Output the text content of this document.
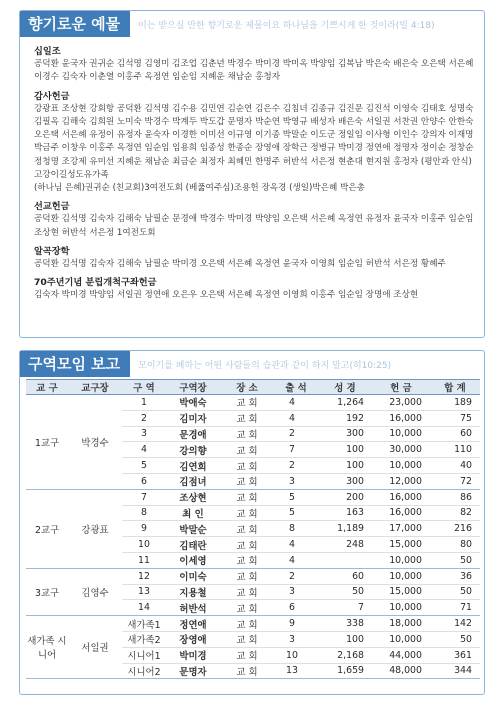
향기로운 예물	이는 받으실 만한 향기로운 제물이요 하나님을 기쁘시게 한 것이라(빌 4:18)
십일조
공덕환 윤국자 권귀순 김석명 김영미 김조업 김춘년 박경수 박미경 박미옥 박양임 김복남 박은숙 배은숙 오은택 서은혜 이경수 김숙자 이춘열 이홍주 옥정연 임순임 지혜운 채남순 홍청자
감사헌금
강광표 조상현 강회항 공덕환 김석명 김수용 김민연 김순연 김은수 김침녀 김종규 김진문 김진석 이영숙 김태호 성명숙 김필옥 김해숙 김희원 노미숙 박경수 박계두 박도갑 문명자 박순연 박영규 배성자 배은숙 서일권 서찬권 안양수 안한숙 오은택 서은혜 유정이 유정자 윤숙자 이경한 이미선 이규영 이기종 박말순 이도군 정일임 이사형 이인수 강의자 이재명 박금주 이창우 이홍주 옥정연 임순임 임용희 임종성 한종순 장영애 장학근 정병규 박미경 정연애 정명자 정이순 정창순 정청명 조강제 유미선 지혜운 채남순 최금순 최정자 최혜민 한명주 허반석 서은정 현춘대 현지원 홍정자 (평안과 안식)고강이길성도유가족
(하나님 은혜)권귀순 (친교회)3여전도회 (베풂여주심)조용헌 장옥경 (생일)박은혜 박은총
선교헌금
공덕환 김석명 김숙자 김해숙 남필순 문경애 박경수 박미경 박양임 오은택 서은혜 옥정연 유정자 윤국자 이홍주 임순임 조상현 허반석 서은정 1여전도회
알곡장학
공덕환 김석명 김숙자 김해숙 남필순 박미경 오은택 서은혜 옥정연 윤국자 이영희 임순임 허반석 서은정 황혜주
70주년기념 분립개척구좌헌금
김숙자 박미경 박양임 서일권 정연애 오은우 오은택 서은혜 옥정연 이영희 이홍주 임순임 장명애 조상현
구역모임 보고	모이기를 폐하는 어떤 사람들의 습관과 같이 하지 말고(히10:25)
교 구	교구장	구 역	구역장	장 소	출 석	성 경	헌 금	합 계
1교구	박경수	1	박애숙	교 회	4	1,264	23,000	189
		2	김미자	교 회	4	192	16,000	75
		3	문경애	교 회	2	300	10,000	60
		4	강의향	교 회	7	100	30,000	110
		5	김연희	교 회	2	100	10,000	40
		6	김점녀	교 회	3	300	12,000	72
2교구	강광표	7	조상현	교 회	5	200	16,000	86
		8	최 인	교 회	5	163	16,000	82
		9	박말순	교 회	8	1,189	17,000	216
		10	김태란	교 회	4	248	15,000	80
		11	이세영	교 회	4		10,000	50
3교구	김영수	12	이미숙	교 회	2	60	10,000	36
		13	지용철	교 회	3	50	15,000	50
		14	허반석	교 회	6	7	10,000	71
새가족 시니어	서일권	새가족1	정연애	교 회	9	338	18,000	142
		새가족2	장영애	교 회	3	100	10,000	50
		시니어1	박미경	교 회	10	2,168	44,000	361
		시니어2	문명자	교 회	13	1,659	48,000	344
